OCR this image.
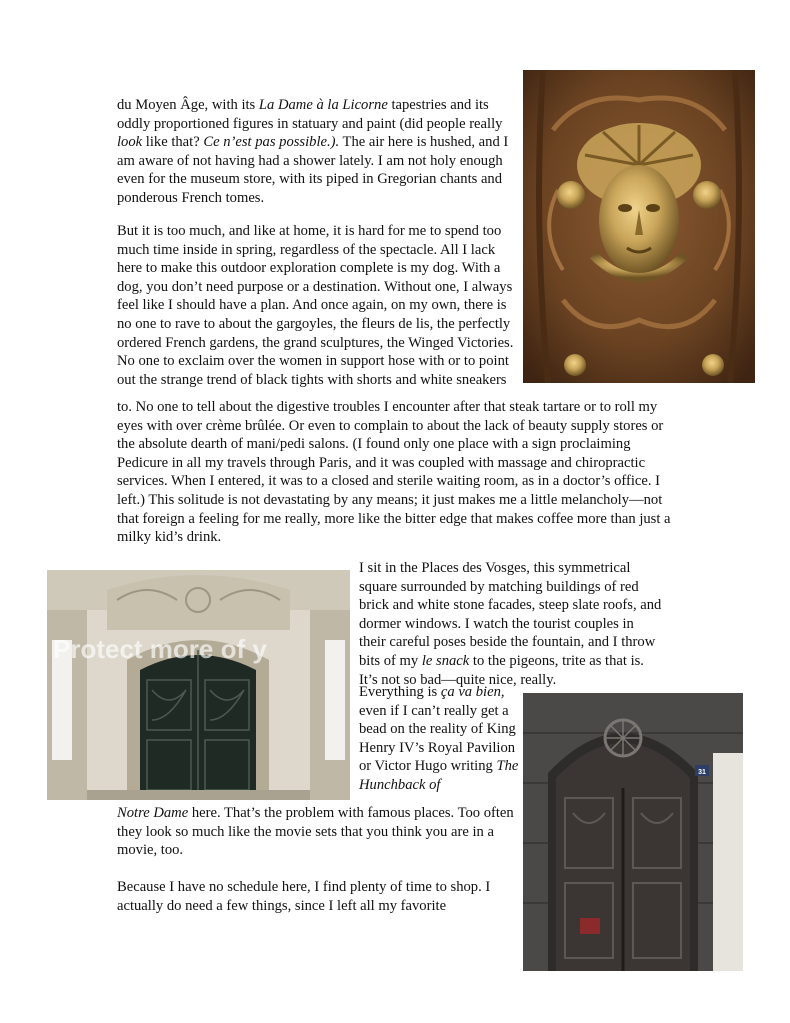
du Moyen Âge, with its La Dame à la Licorne tapestries and its oddly proportioned figures in statuary and paint (did people really look like that? Ce n’est pas possible.). The air here is hushed, and I am aware of not having had a shower lately. I am not holy enough even for the museum store, with its piped in Gregorian chants and ponderous French tomes.

But it is too much, and like at home, it is hard for me to spend too much time inside in spring, regardless of the spectacle. All I lack here to make this outdoor exploration complete is my dog. With a dog, you don’t need purpose or a destination. Without one, I always feel like I should have a plan. And once again, on my own, there is no one to rave to about the gargoyles, the fleurs de lis, the perfectly ordered French gardens, the grand sculptures, the Winged Victories. No one to exclaim over the women in support hose with or to point out the strange trend of black tights with shorts and white sneakers

to. No one to tell about the digestive troubles I encounter after that steak tartare or to roll my eyes with over crème brûlée. Or even to complain to about the lack of beauty supply stores or the absolute dearth of mani/pedi salons. (I found only one place with a sign proclaiming Pedicure in all my travels through Paris, and it was coupled with massage and chiropractic services. When I entered, it was to a closed and sterile waiting room, as in a doctor’s office. I left.) This solitude is not devastating by any means; it just makes me a little melancholy—not that foreign a feeling for me really, more like the bitter edge that makes coffee more than just a milky kid’s drink.

Protect more of y

I sit in the Places des Vosges, this symmetrical square surrounded by matching buildings of red brick and white stone facades, steep slate roofs, and dormer windows. I watch the tourist couples in their careful poses beside the fountain, and I throw bits of my le snack to the pigeons, trite as that is. It’s not so bad—quite nice, really.

Everything is ça va bien, even if I can’t really get a bead on the reality of King Henry IV’s Royal Pavilion or Victor Hugo writing The Hunchback of

Notre Dame here. That’s the problem with famous places. Too often they look so much like the movie sets that you think you are in a movie, too.

Because I have no schedule here, I find plenty of time to shop. I actually do need a few things, since I left all my favorite

31
